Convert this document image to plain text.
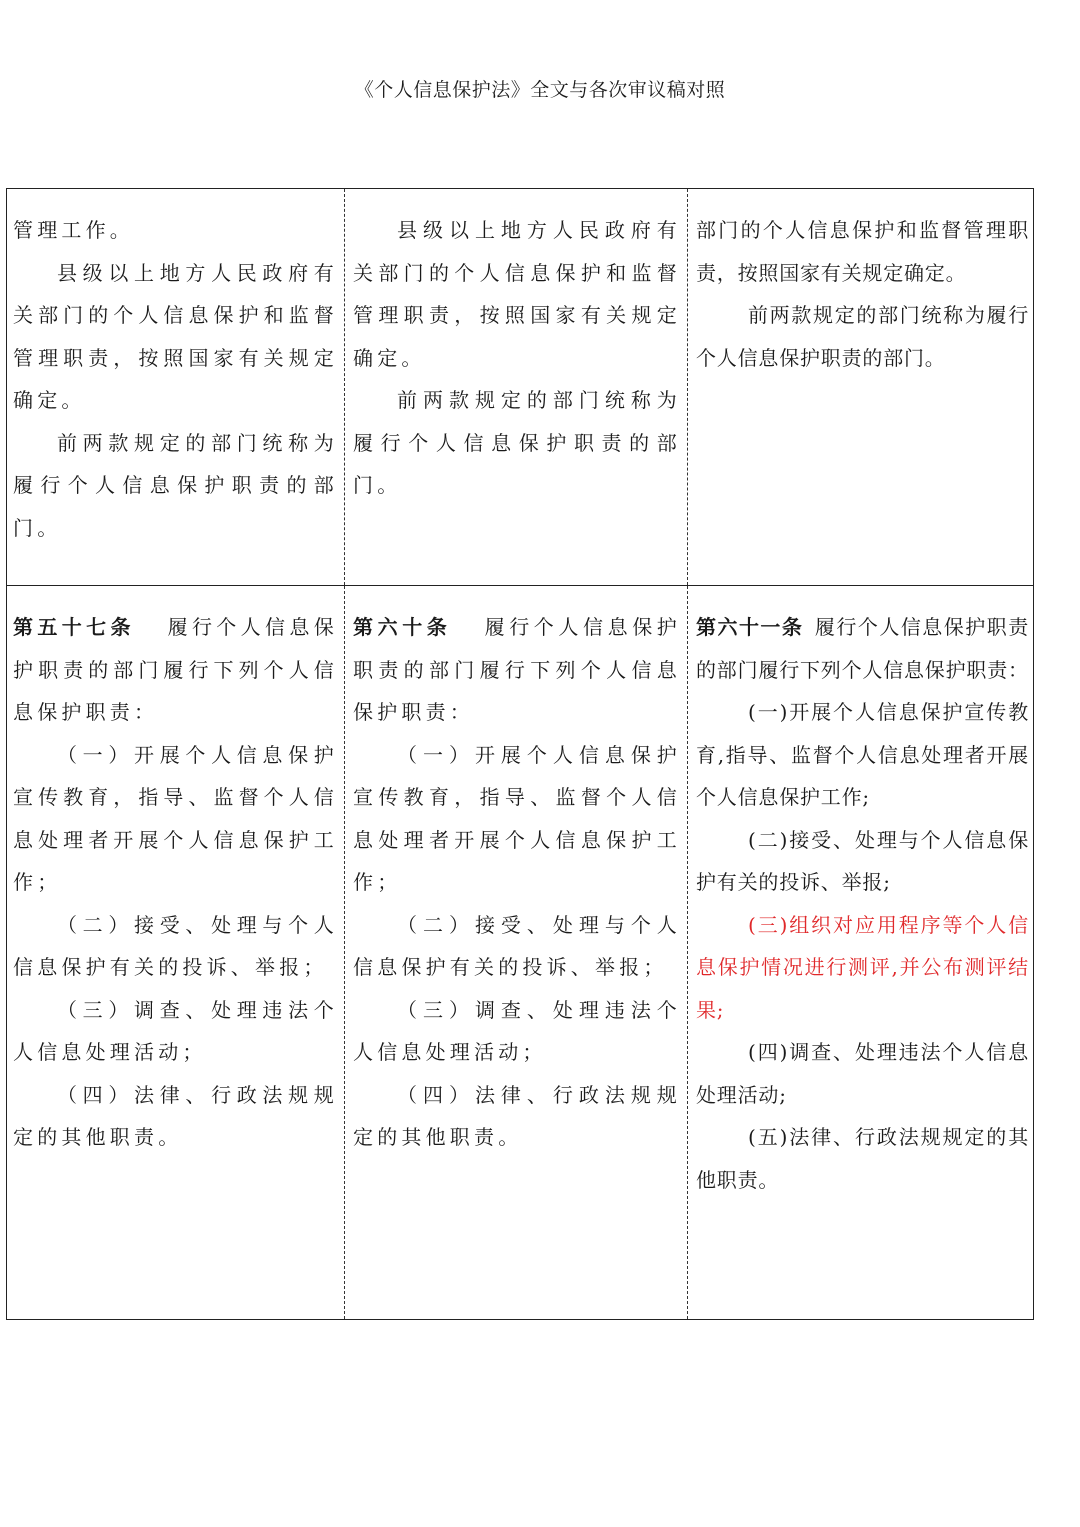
《个人信息保护法》全文与各次审议稿对照

管理工作。

县级以上地方人民政府有关部门的个人信息保护和监督管理职责，按照国家有关规定确定。

前两款规定的部门统称为履行个人信息保护职责的部门。

县级以上地方人民政府有关部门的个人信息保护和监督管理职责，按照国家有关规定确定。

前两款规定的部门统称为履行个人信息保护职责的部门。

部门的个人信息保护和监督管理职责，按照国家有关规定确定。

前两款规定的部门统称为履行个人信息保护职责的部门。

第五十七条　  履行个人信息保护职责的部门履行下列个人信息保护职责：

（一）开展个人信息保护宣传教育，指导、监督个人信息处理者开展个人信息保护工作；

（二）接受、处理与个人信息保护有关的投诉、举报；

（三）调查、处理违法个人信息处理活动；

（四）法律、行政法规规定的其他职责。

第六十条　  履行个人信息保护职责的部门履行下列个人信息保护职责：

（一）开展个人信息保护宣传教育，指导、监督个人信息处理者开展个人信息保护工作；

（二）接受、处理与个人信息保护有关的投诉、举报；

（三）调查、处理违法个人信息处理活动；

（四）法律、行政法规规定的其他职责。

第六十一条  履行个人信息保护职责的部门履行下列个人信息保护职责：

(一)开展个人信息保护宣传教育,指导、监督个人信息处理者开展个人信息保护工作;

(二)接受、处理与个人信息保护有关的投诉、举报;

(三)组织对应用程序等个人信息保护情况进行测评,并公布测评结果;

(四)调查、处理违法个人信息处理活动;

(五)法律、行政法规规定的其他职责。
